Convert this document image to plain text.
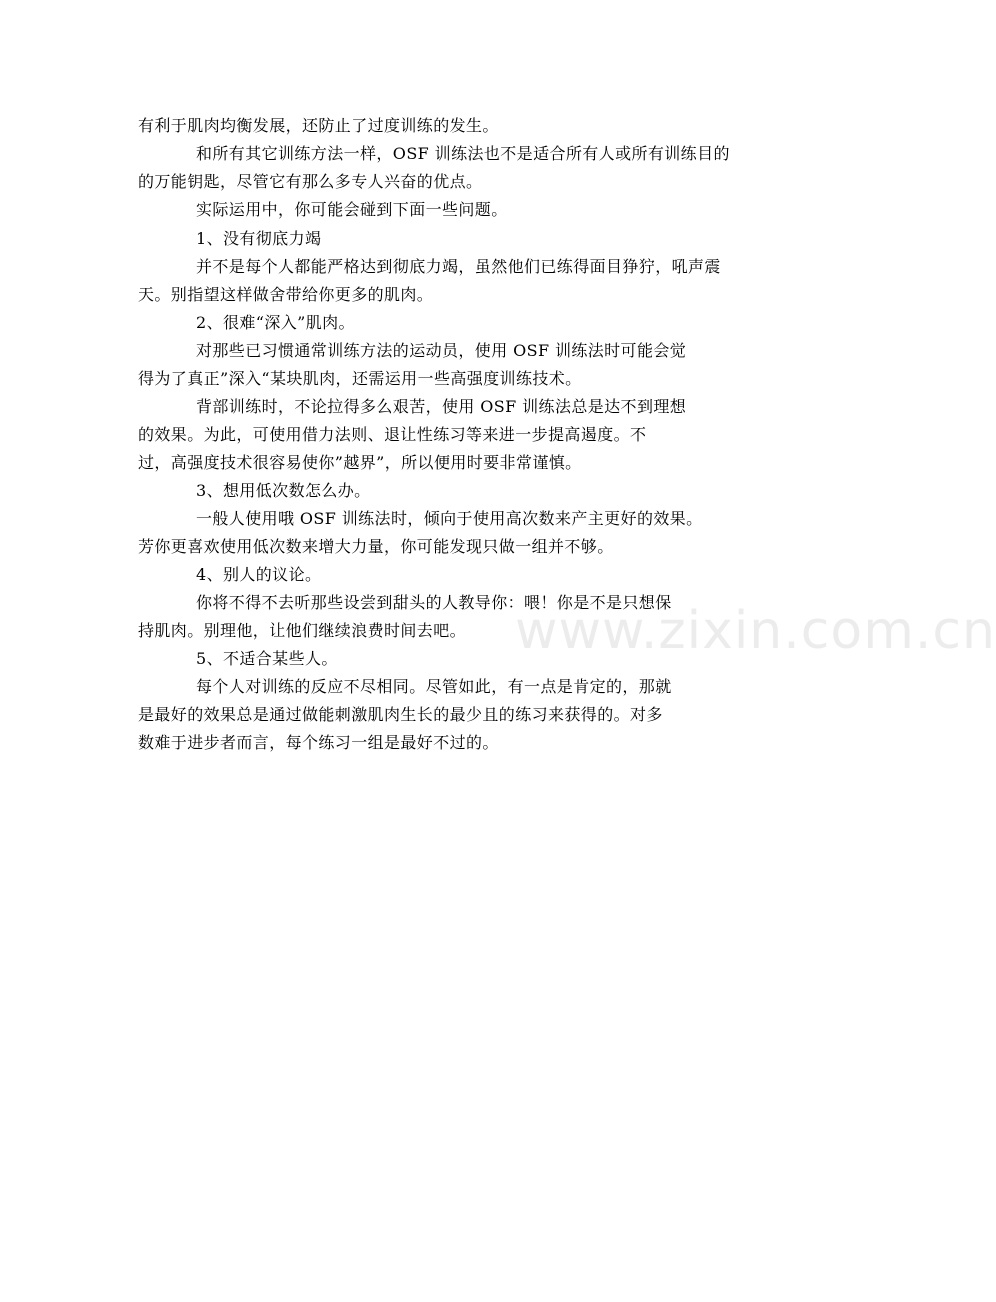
www.zixin.com.cn
有利于肌肉均衡发展，还防止了过度训练的发生。
和所有其它训练方法一样，OSF 训练法也不是适合所有人或所有训练目的
的万能钥匙，尽管它有那么多专人兴奋的优点。
实际运用中，你可能会碰到下面一些问题。
1、没有彻底力竭
并不是每个人都能严格达到彻底力竭，虽然他们已练得面目狰狞，吼声震
天。别指望这样做舍带给你更多的肌肉。
2、很难“深入”肌肉。
对那些已习惯通常训练方法的运动员，使用 OSF 训练法时可能会觉
得为了真正”深入“某块肌肉，还需运用一些高强度训练技术。
背部训练时，不论拉得多么艰苦，使用 OSF 训练法总是达不到理想
的效果。为此，可使用借力法则、退让性练习等来进一步提高遏度。不
过，高强度技术很容易使你”越界”，所以便用时要非常谨慎。
3、想用低次数怎么办。
一般人使用哦 OSF 训练法时，倾向于使用高次数来产主更好的效果。
芳你更喜欢使用低次数来增大力量，你可能发现只做一组并不够。
4、别人的议论。
你将不得不去听那些设尝到甜头的人教导你：喂！你是不是只想保
持肌肉。别理他，让他们继续浪费时间去吧。
5、不适合某些人。
每个人对训练的反应不尽相同。尽管如此，有一点是肯定的，那就
是最好的效果总是通过做能刺激肌肉生长的最少且的练习来获得的。对多
数难于进步者而言，每个练习一组是最好不过的。
